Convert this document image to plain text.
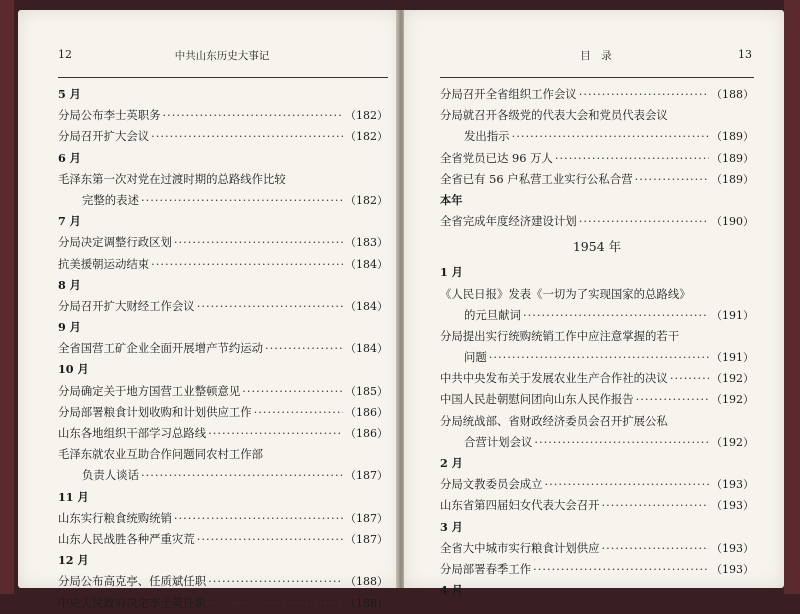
12	中共山东历史大事记
5 月
分局公布李士英职务 ·····	（182）
分局召开扩大会议 ·····	（182）
6 月
毛泽东第一次对党在过渡时期的总路线作比较
完整的表述 ·····	（182）
7 月
分局决定调整行政区划 ·····	（183）
抗美援朝运动结束 ·····	（184）
8 月
分局召开扩大财经工作会议 ·····	（184）
9 月
全省国营工矿企业全面开展增产节约运动 ·····	（184）
10 月
分局确定关于地方国营工业整顿意见 ·····	（185）
分局部署粮食计划收购和计划供应工作 ·····	（186）
山东各地组织干部学习总路线 ·····	（186）
毛泽东就农业互助合作问题同农村工作部
负责人谈话 ·····	（187）
11 月
山东实行粮食统购统销 ·····	（187）
山东人民战胜各种严重灾荒 ·····	（187）
12 月
分局公布高克亭、任质斌任职 ·····	（188）
中央人民政府决定李士英任职 ·····	（188）
目　录	13
分局召开全省组织工作会议 ·····	（188）
分局就召开各级党的代表大会和党员代表会议
发出指示 ·····	（189）
全省党员已达 96 万人 ·····	（189）
全省已有 56 户私营工业实行公私合营 ·····	（189）
本年
全省完成年度经济建设计划 ·····	（190）
1954 年
1 月
《人民日报》发表《一切为了实现国家的总路线》
的元旦献词 ·····	（191）
分局提出实行统购统销工作中应注意掌握的若干
问题 ·····	（191）
中共中央发布关于发展农业生产合作社的决议 ·····	（192）
中国人民赴朝慰问团向山东人民作报告 ·····	（192）
分局统战部、省财政经济委员会召开扩展公私
合营计划会议 ·····	（192）
2 月
分局文教委员会成立 ·····	（193）
山东省第四届妇女代表大会召开 ·····	（193）
3 月
全省大中城市实行粮食计划供应 ·····	（193）
分局部署春季工作 ·····	（193）
4 月
